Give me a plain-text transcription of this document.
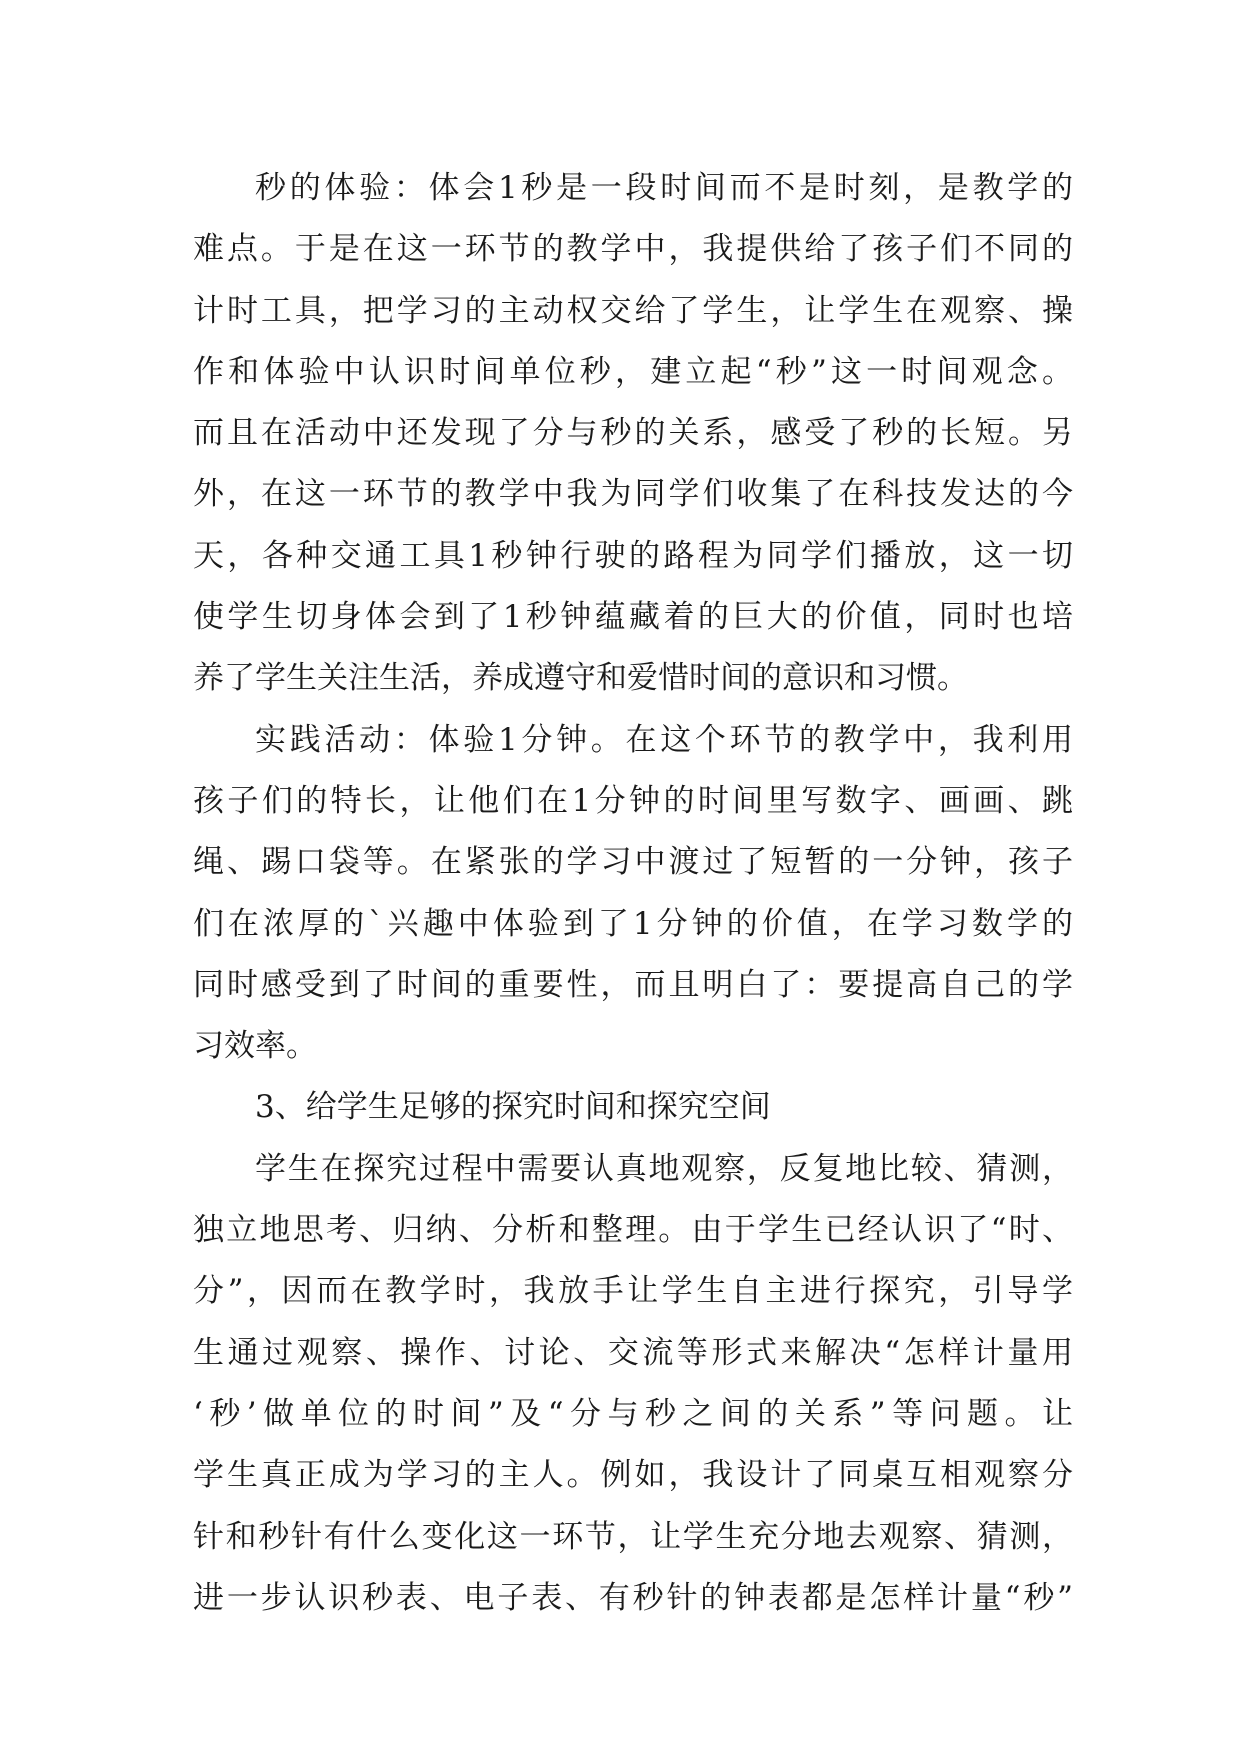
秒的体验：体会1秒是一段时间而不是时刻，是教学的
难点。于是在这一环节的教学中，我提供给了孩子们不同的
计时工具，把学习的主动权交给了学生，让学生在观察、操
作和体验中认识时间单位秒，建立起“秒”这一时间观念。
而且在活动中还发现了分与秒的关系，感受了秒的长短。另
外，在这一环节的教学中我为同学们收集了在科技发达的今
天，各种交通工具1秒钟行驶的路程为同学们播放，这一切
使学生切身体会到了1秒钟蕴藏着的巨大的价值，同时也培
养了学生关注生活，养成遵守和爱惜时间的意识和习惯。
实践活动：体验1分钟。在这个环节的教学中，我利用
孩子们的特长，让他们在1分钟的时间里写数字、画画、跳
绳、踢口袋等。在紧张的学习中渡过了短暂的一分钟，孩子
们在浓厚的`兴趣中体验到了1分钟的价值，在学习数学的
同时感受到了时间的重要性，而且明白了：要提高自己的学
习效率。
3、给学生足够的探究时间和探究空间
学生在探究过程中需要认真地观察，反复地比较、猜测，
独立地思考、归纳、分析和整理。由于学生已经认识了“时、
分”，因而在教学时，我放手让学生自主进行探究，引导学
生通过观察、操作、讨论、交流等形式来解决“怎样计量用
‘秒’做单位的时间”及“分与秒之间的关系”等问题。让
学生真正成为学习的主人。例如，我设计了同桌互相观察分
针和秒针有什么变化这一环节，让学生充分地去观察、猜测，
进一步认识秒表、电子表、有秒针的钟表都是怎样计量“秒”
